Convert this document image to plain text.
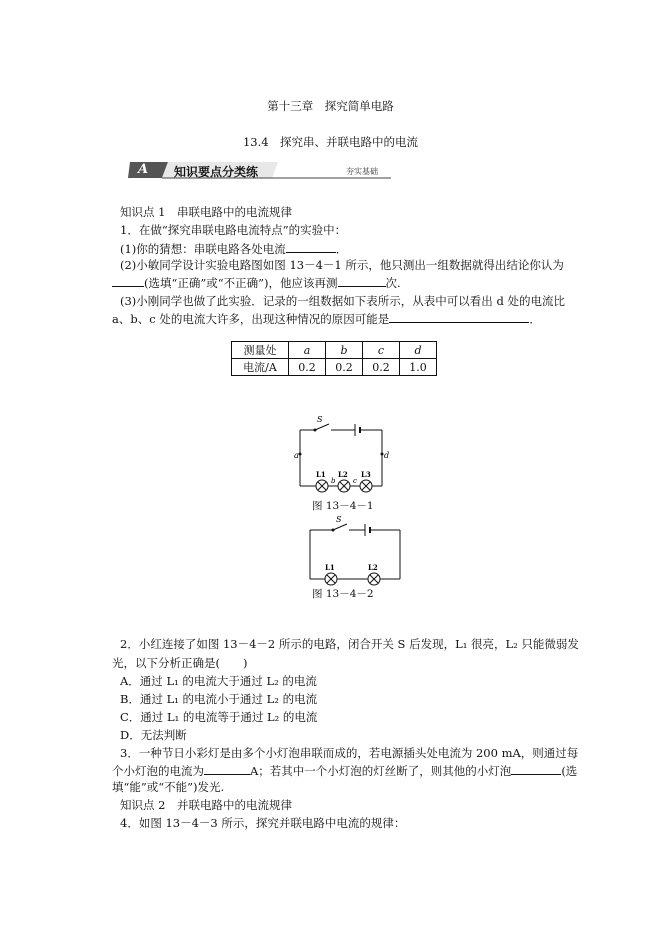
第十三章　探究简单电路
13.4　探究串、并联电路中的电流
A 知识要点分类练	夯实基础
知识点 1　串联电路中的电流规律
1．在做“探究串联电路电流特点”的实验中：
(1)你的猜想：串联电路各处电流	．
(2)小敏同学设计实验电路图如图 13－4－1 所示，他只测出一组数据就得出结论你认为
(选填“正确”或“不正确”)，他应该再测	次.
(3)小刚同学也做了此实验．记录的一组数据如下表所示，从表中可以看出 d 处的电流比
a、b、c 处的电流大许多，出现这种情况的原因可能是	．
测量处	a	b	c	d
电流/A	0.2	0.2	0.2	1.0
S
a
b	c
d
L1 L2 L3
图 13－4－1
S
L1	L2
图 13－4－2
2．小红连接了如图 13－4－2 所示的电路，闭合开关 S 后发现，L₁ 很亮，L₂ 只能微弱发
光，以下分析正确是(　　)
A．通过 L₁ 的电流大于通过 L₂ 的电流
B．通过 L₁ 的电流小于通过 L₂ 的电流
C．通过 L₁ 的电流等于通过 L₂ 的电流
D．无法判断
3．一种节日小彩灯是由多个小灯泡串联而成的，若电源插头处电流为 200 mA，则通过每
个小灯泡的电流为	A；若其中一个小灯泡的灯丝断了，则其他的小灯泡	(选
填“能”或“不能”)发光.
知识点 2　并联电路中的电流规律
4．如图 13－4－3 所示，探究并联电路中电流的规律：
